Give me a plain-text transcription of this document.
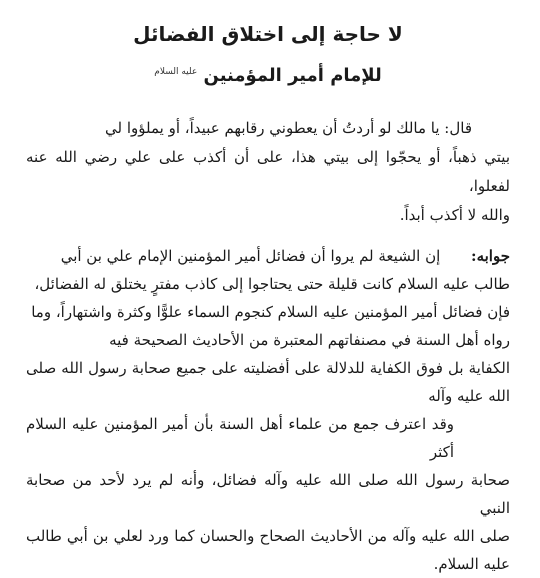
لا حاجة إلى اختلاق الفضائل
للإمام أمير المؤمنين $^{عليه السلام}$

قال: يا مالك لو أردتُ أن يعطوني رقابهم عبيداً، أو يملؤوا لي
بيتي ذهباً، أو يحجّوا إلى بيتي هذا، على أن أكذب على علي رضي الله عنه لفعلوا،
والله لا أكذب أبداً.

جوابه: إن الشيعة لم يروا أن فضائل أمير المؤمنين الإمام علي بن أبي
طالب عليه السلام كانت قليلة حتى يحتاجوا إلى كاذب مفترٍ يختلق له الفضائل،
فإن فضائل أمير المؤمنين عليه السلام كنجوم السماء علوًّا وكثرة واشتهاراً، وما
رواه أهل السنة في مصنفاتهم المعتبرة من الأحاديث الصحيحة فيه
الكفاية بل فوق الكفاية للدلالة على أفضليته على جميع صحابة رسول الله صلى الله عليه وآله
وقد اعترف جمع من علماء أهل السنة بأن أمير المؤمنين عليه السلام أكثر
صحابة رسول الله صلى الله عليه وآله فضائل، وأنه لم يرد لأحد من صحابة النبي
صلى الله عليه وآله من الأحاديث الصحاح والحسان كما ورد لعلي بن أبي طالب عليه السلام.
